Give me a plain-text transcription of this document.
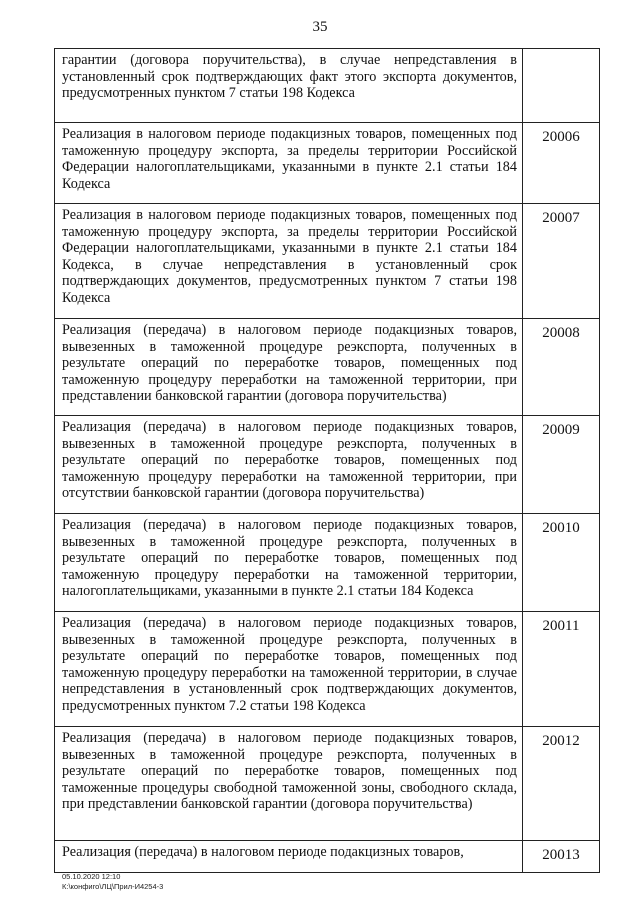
35
гарантии (договора поручительства), в случае непредставления в установленный срок подтверждающих факт этого экспорта документов, предусмотренных пунктом 7 статьи 198 Кодекса	
Реализация в налоговом периоде подакцизных товаров, помещенных под таможенную процедуру экспорта, за пределы территории Российской Федерации налогоплательщиками, указанными в пункте 2.1 статьи 184 Кодекса	20006
Реализация в налоговом периоде подакцизных товаров, помещенных под таможенную процедуру экспорта, за пределы территории Российской Федерации налогоплательщиками, указанными в пункте 2.1 статьи 184 Кодекса, в случае непредставления в установленный срок подтверждающих документов, предусмотренных пунктом 7 статьи 198 Кодекса	20007
Реализация (передача) в налоговом периоде подакцизных товаров, вывезенных в таможенной процедуре реэкспорта, полученных в результате операций по переработке товаров, помещенных под таможенную процедуру переработки на таможенной территории, при представлении банковской гарантии (договора поручительства)	20008
Реализация (передача) в налоговом периоде подакцизных товаров, вывезенных в таможенной процедуре реэкспорта, полученных в результате операций по переработке товаров, помещенных под таможенную процедуру переработки на таможенной территории, при отсутствии банковской гарантии (договора поручительства)	20009
Реализация (передача) в налоговом периоде подакцизных товаров, вывезенных в таможенной процедуре реэкспорта, полученных в результате операций по переработке товаров, помещенных под таможенную процедуру переработки на таможенной территории, налогоплательщиками, указанными в пункте 2.1 статьи 184 Кодекса	20010
Реализация (передача) в налоговом периоде подакцизных товаров, вывезенных в таможенной процедуре реэкспорта, полученных в результате операций по переработке товаров, помещенных под таможенную процедуру переработки на таможенной территории, в случае непредставления в установленный срок подтверждающих документов, предусмотренных пунктом 7.2 статьи 198 Кодекса	20011
Реализация (передача) в налоговом периоде подакцизных товаров, вывезенных в таможенной процедуре реэкспорта, полученных в результате операций по переработке товаров, помещенных под таможенные процедуры свободной таможенной зоны, свободного склада, при представлении банковской гарантии (договора поручительства)	20012
Реализация (передача) в налоговом периоде подакцизных товаров,	20013
05.10.2020 12:10
К:\конфиго\ЛЦ\Прил-И4254-3
